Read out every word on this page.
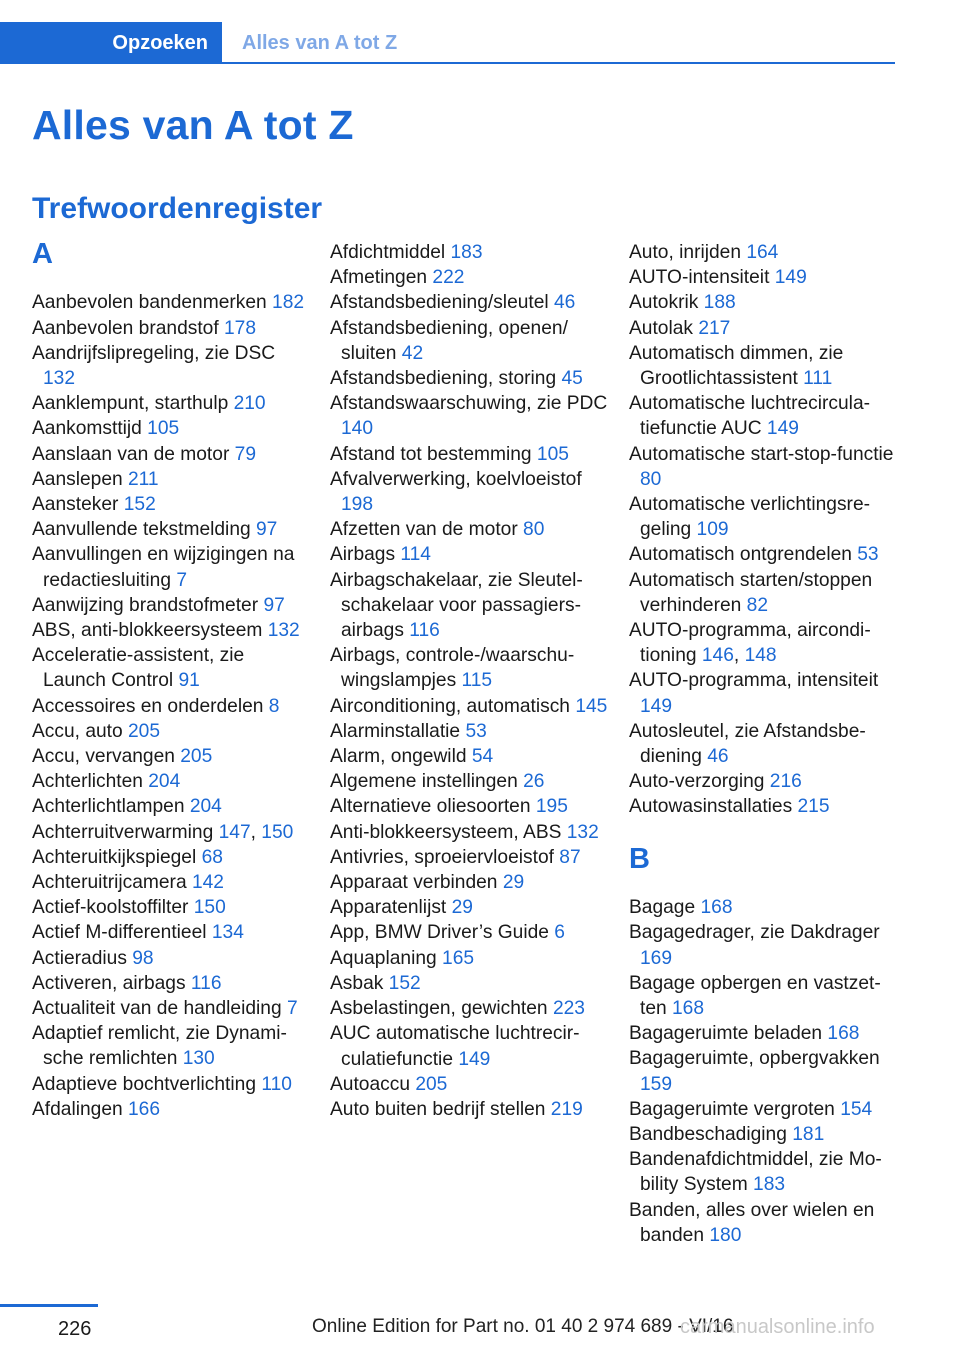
Opzoeken Alles van A tot Z
Alles van A tot Z
Trefwoordenregister
A
Aanbevolen bandenmerken 182
Aanbevolen brandstof 178
Aandrijfslipregeling, zie DSC 132
Aanklempunt, starthulp 210
Aankomsttijd 105
Aanslaan van de motor 79
Aanslepen 211
Aansteker 152
Aanvullende tekstmelding 97
Aanvullingen en wijzigingen na redactiesluiting 7
Aanwijzing brandstofmeter 97
ABS, anti-blokkeersysteem 132
Acceleratie-assistent, zie Launch Control 91
Accessoires en onderdelen 8
Accu, auto 205
Accu, vervangen 205
Achterlichten 204
Achterlichtlampen 204
Achterruitverwarming 147, 150
Achteruitkijkspiegel 68
Achteruitrijcamera 142
Actief-koolstoffilter 150
Actief M-differentieel 134
Actieradius 98
Activeren, airbags 116
Actualiteit van de handleiding 7
Adaptief remlicht, zie Dynamische remlichten 130
Adaptieve bochtverlichting 110
Afdalingen 166
Afdichtmiddel 183
Afmetingen 222
Afstandsbediening/sleutel 46
Afstandsbediening, openen/ sluiten 42
Afstandsbediening, storing 45
Afstandswaarschuwing, zie PDC 140
Afstand tot bestemming 105
Afvalverwerking, koelvloeistof 198
Afzetten van de motor 80
Airbags 114
Airbagschakelaar, zie Sleutelschakelaar voor passagiersairbags 116
Airbags, controle-/waarschuwingslampjes 115
Airconditioning, automatisch 145
Alarminstallatie 53
Alarm, ongewild 54
Algemene instellingen 26
Alternatieve oliesoorten 195
Anti-blokkeersysteem, ABS 132
Antivries, sproeiervloeistof 87
Apparaat verbinden 29
Apparatenlijst 29
App, BMW Driver’s Guide 6
Aquaplaning 165
Asbak 152
Asbelastingen, gewichten 223
AUC automatische luchtrecirculatiefunctie 149
Autoaccu 205
Auto buiten bedrijf stellen 219
Auto, inrijden 164
AUTO-intensiteit 149
Autokrik 188
Autolak 217
Automatisch dimmen, zie Grootlichtassistent 111
Automatische luchtrecirculatiefunctie AUC 149
Automatische start-stop-functie 80
Automatische verlichtingsregeling 109
Automatisch ontgrendelen 53
Automatisch starten/stoppen verhinderen 82
AUTO-programma, airconditioning 146, 148
AUTO-programma, intensiteit 149
Autosleutel, zie Afstandsbediening 46
Auto-verzorging 216
Autowasinstallaties 215
B
Bagage 168
Bagagedrager, zie Dakdrager 169
Bagage opbergen en vastzetten 168
Bagageruimte beladen 168
Bagageruimte, opbergvakken 159
Bagageruimte vergroten 154
Bandbeschadiging 181
Bandenafdichtmiddel, zie Mobility System 183
Banden, alles over wielen en banden 180
226	Online Edition for Part no. 01 40 2 974 689 - VI/16
carmanualsonline.info
